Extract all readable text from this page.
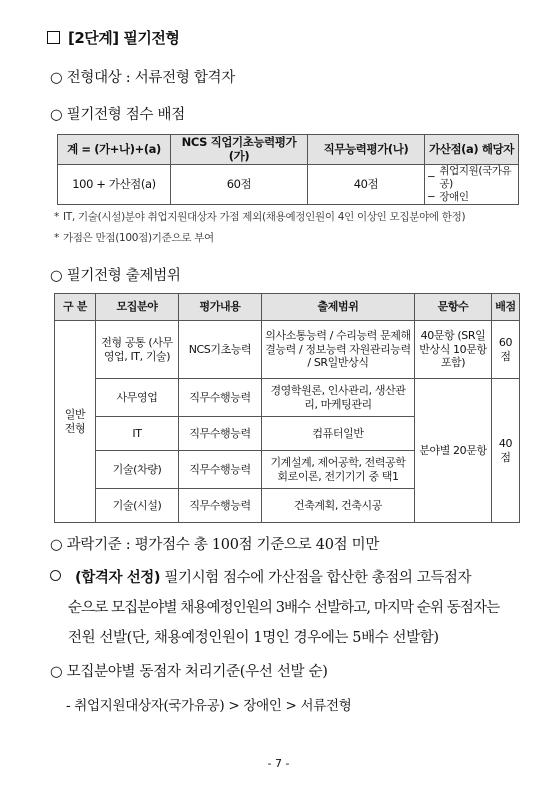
[2단계] 필기전형
○ 전형대상 : 서류전형 합격자
○ 필기전형 점수 배점
계 = (가+나)+(a)	NCS 직업기초능력평가(가)	직무능력평가(나)	가산점(a) 해당자
100 + 가산점(a)	60점	40점	−
취업지원(국가유공)
− 장애인
* IT, 기술(시설)분야 취업지원대상자 가점 제외(채용예정인원이 4인 이상인 모집분야에 한정)
* 가점은 만점(100점)기준으로 부여
○ 필기전형 출제범위
구 분	모집분야	평가내용	출제범위	문항수	배점

일반 전형	전형 공통 (사무영업, IT, 기술)	NCS기초능력	의사소통능력 / 수리능력 문제해결능력 / 정보능력 자원관리능력 / SR일반상식	40문항 (SR일반상식 10문항포함)	60점
	사무영업	직무수행능력	경영학원론, 인사관리, 생산관리, 마케팅관리	분야별 20문항	40점
	IT	직무수행능력	컴퓨터일반		
	기술(차량)	직무수행능력	기계설계, 제어공학, 전력공학 회로이론, 전기기기 중 택1		
	기술(시설)	직무수행능력	건축계획, 건축시공		
○ 과락기준 : 평가점수 총 100점 기준으로 40점 미만
(합격자 선정) 필기시험 점수에 가산점을 합산한 총점의 고득점자
순으로 모집분야별 채용예정인원의 3배수 선발하고, 마지막 순위 동점자는
전원 선발(단, 채용예정인원이 1명인 경우에는 5배수 선발함)
○ 모집분야별 동점자 처리기준(우선 선발 순)
- 취업지원대상자(국가유공) > 장애인 > 서류전형
- 7 -
